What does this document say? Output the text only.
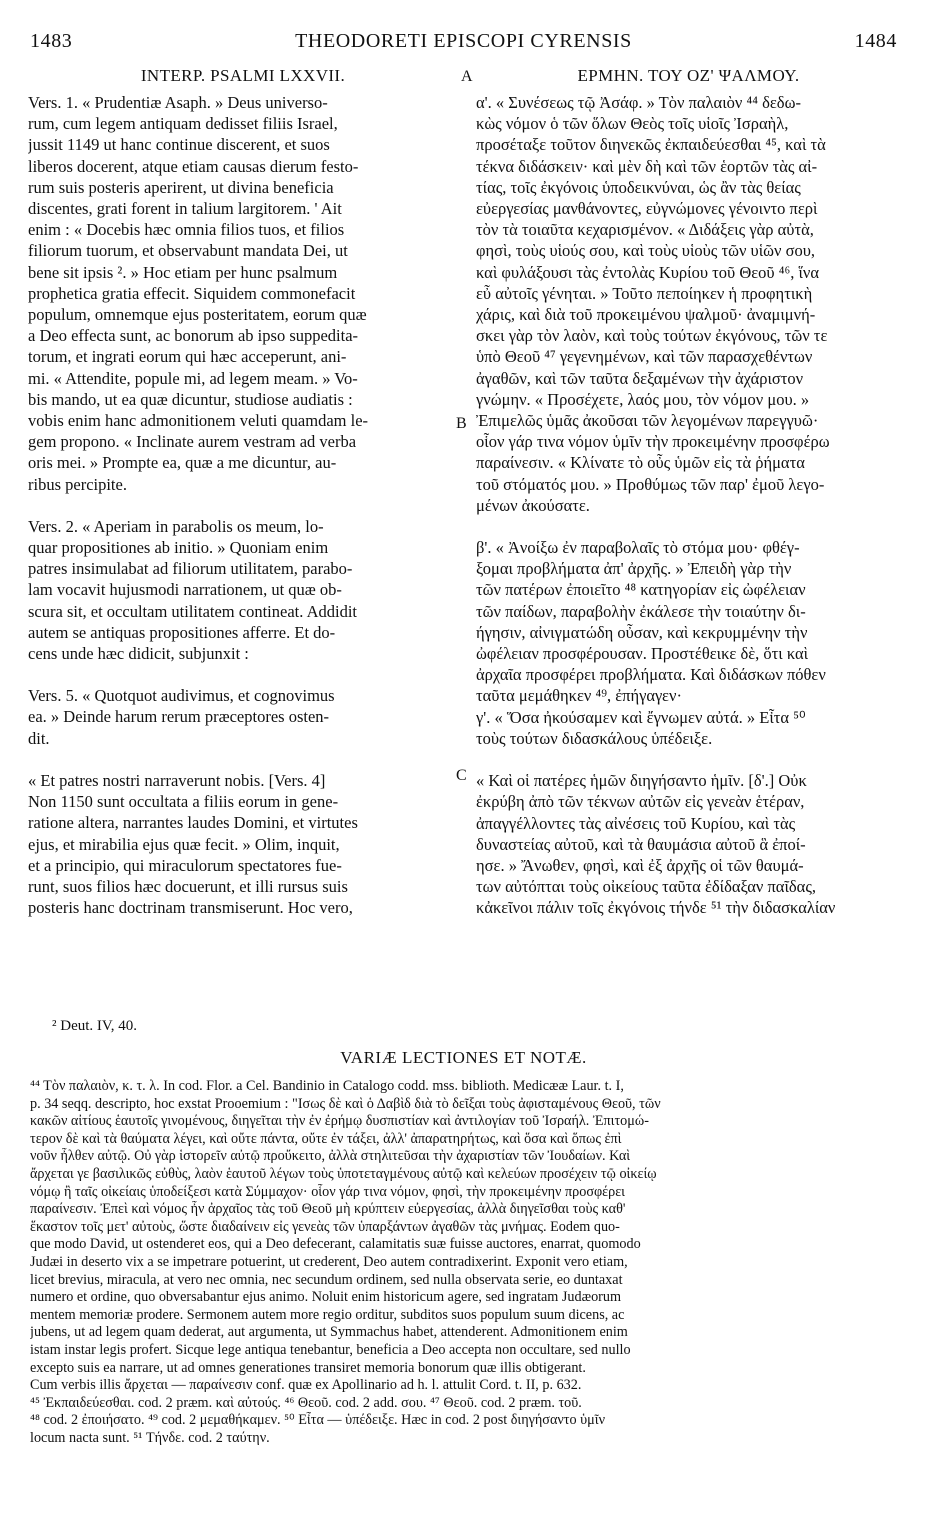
1483	THEODORETI EPISCOPI CYRENSIS	1484
INTERP. PSALMI LXXVII.
Vers. 1. « Prudentiæ Asaph. » Deus universo-
rum, cum legem antiquam dedisset filiis Israel,
jussit 1149 ut hanc continue discerent, et suos
liberos docerent, atque etiam causas dierum festo-
rum suis posteris aperirent, ut divina beneficia
discentes, grati forent in talium largitorem. ' Ait
enim : « Docebis hæc omnia filios tuos, et filios
filiorum tuorum, et observabunt mandata Dei, ut
bene sit ipsis ². » Hoc etiam per hunc psalmum
prophetica gratia effecit. Siquidem commonefacit
populum, omnemque ejus posteritatem, eorum quæ
a Deo effecta sunt, ac bonorum ab ipso suppedita-
torum, et ingrati eorum qui hæc acceperunt, ani-
mi. « Attendite, popule mi, ad legem meam. » Vo-
bis mando, ut ea quæ dicuntur, studiose audiatis :
vobis enim hanc admonitionem veluti quamdam le-
gem propono. « Inclinate aurem vestram ad verba
oris mei. » Prompte ea, quæ a me dicuntur, au-
ribus percipite.
Vers. 2. « Aperiam in parabolis os meum, lo-
quar propositiones ab initio. » Quoniam enim
patres insimulabat ad filiorum utilitatem, parabo-
lam vocavit hujusmodi narrationem, ut quæ ob-
scura sit, et occultam utilitatem contineat. Addidit
autem se antiquas propositiones afferre. Et do-
cens unde hæc didicit, subjunxit :
Vers. 5. « Quotquot audivimus, et cognovimus
ea. » Deinde harum rerum præceptores osten-
dit.
« Et patres nostri narraverunt nobis. [Vers. 4]
Non 1150 sunt occultata a filiis eorum in gene-
ratione altera, narrantes laudes Domini, et virtutes
ejus, et mirabilia ejus quæ fecit. » Olim, inquit,
et a principio, qui miraculorum spectatores fue-
runt, suos filios hæc docuerunt, et illi rursus suis
posteris hanc doctrinam transmiserunt. Hoc vero,
ΕΡΜΗΝ. ΤΟΥ ΟΖ' ΨΑΛΜΟΥ.
α'. « Συνέσεως τῷ Ἀσάφ. » Τὸν παλαιὸν ⁴⁴ δεδω-
κὼς νόμον ὁ τῶν ὅλων Θεὸς τοῖς υἱοῖς Ἰσραὴλ,
προσέταξε τοῦτον διηνεκῶς ἐκπαιδεύεσθαι ⁴⁵, καὶ τὰ
τέκνα διδάσκειν· καὶ μὲν δὴ καὶ τῶν ἑορτῶν τὰς αἰ-
τίας, τοῖς ἐκγόνοις ὑποδεικνύναι, ὡς ἂν τὰς θείας
εὐεργεσίας μανθάνοντες, εὐγνώμονες γένοιντο περὶ
τὸν τὰ τοιαῦτα κεχαρισμένον. « Διδάξεις γὰρ αὐτὰ,
φησὶ, τοὺς υἱούς σου, καὶ τοὺς υἱοὺς τῶν υἱῶν σου,
καὶ φυλάξουσι τὰς ἐντολὰς Κυρίου τοῦ Θεοῦ ⁴⁶, ἵνα
εὖ αὐτοῖς γένηται. » Τοῦτο πεποίηκεν ἡ προφητικὴ
χάρις, καὶ διὰ τοῦ προκειμένου ψαλμοῦ· ἀναμιμνή-
σκει γὰρ τὸν λαὸν, καὶ τοὺς τούτων ἐκγόνους, τῶν τε
ὑπὸ Θεοῦ ⁴⁷ γεγενημένων, καὶ τῶν παρασχεθέντων
ἀγαθῶν, καὶ τῶν ταῦτα δεξαμένων τὴν ἀχάριστον
γνώμην. « Προσέχετε, λαός μου, τὸν νόμον μου. »
Ἐπιμελῶς ὑμᾶς ἀκοῦσαι τῶν λεγομένων παρεγγυῶ·
οἷον γάρ τινα νόμον ὑμῖν τὴν προκειμένην προσφέρω
παραίνεσιν. « Κλίνατε τὸ οὖς ὑμῶν εἰς τὰ ῥήματα
τοῦ στόματός μου. » Προθύμως τῶν παρ' ἐμοῦ λεγο-
μένων ἀκούσατε.
β'. « Ἀνοίξω ἐν παραβολαῖς τὸ στόμα μου· φθέγ-
ξομαι προβλήματα ἀπ' ἀρχῆς. » Ἐπειδὴ γὰρ τὴν
τῶν πατέρων ἐποιεῖτο ⁴⁸ κατηγορίαν εἰς ὠφέλειαν
τῶν παίδων, παραβολὴν ἐκάλεσε τὴν τοιαύτην δι-
ήγησιν, αἰνιγματώδη οὖσαν, καὶ κεκρυμμένην τὴν
ὠφέλειαν προσφέρουσαν. Προστέθεικε δὲ, ὅτι καὶ
ἀρχαῖα προσφέρει προβλήματα. Καὶ διδάσκων πόθεν
ταῦτα μεμάθηκεν ⁴⁹, ἐπήγαγεν·
γ'. « Ὅσα ἠκούσαμεν καὶ ἔγνωμεν αὐτά. » Εἶτα ⁵⁰
τοὺς τούτων διδασκάλους ὑπέδειξε.
« Καὶ οἱ πατέρες ἡμῶν διηγήσαντο ἡμῖν. [δ'.] Οὐκ
ἐκρύβη ἀπὸ τῶν τέκνων αὐτῶν εἰς γενεὰν ἑτέραν,
ἀπαγγέλλοντες τὰς αἰνέσεις τοῦ Κυρίου, καὶ τὰς
δυναστείας αὐτοῦ, καὶ τὰ θαυμάσια αὐτοῦ ἃ ἐποί-
ησε. » Ἄνωθεν, φησὶ, καὶ ἐξ ἀρχῆς οἱ τῶν θαυμά-
των αὐτόπται τοὺς οἰκείους ταῦτα ἐδίδαξαν παῖδας,
κἀκεῖνοι πάλιν τοῖς ἐκγόνοις τήνδε ⁵¹ τὴν διδασκαλίαν
A
B
C
² Deut. IV, 40.
VARIÆ LECTIONES ET NOTÆ.
⁴⁴ Τὸν παλαιὸν, κ. τ. λ. In cod. Flor. a Cel. Bandinio in Catalogo codd. mss. biblioth. Medicææ Laur. t. I,
p. 34 seqq. descripto, hoc exstat Prooemium : "Ισως δὲ καὶ ὁ Δαβὶδ διὰ τὸ δεῖξαι τοὺς ἀφισταμένους Θεοῦ, τῶν
κακῶν αἰτίους ἑαυτοῖς γινομένους, διηγεῖται τὴν ἐν ἐρήμῳ δυσπιστίαν καὶ ἀντιλογίαν τοῦ Ἰσραήλ. Ἐπιτομώ-
τερον δὲ καὶ τὰ θαύματα λέγει, καὶ οὔτε πάντα, οὔτε ἐν τάξει, ἀλλ' ἀπαρατηρήτως, καὶ ὅσα καὶ ὅπως ἐπὶ
νοῦν ἦλθεν αὐτῷ. Οὐ γὰρ ἱστορεῖν αὐτῷ προὔκειτο, ἀλλὰ στηλιτεῦσαι τὴν ἀχαριστίαν τῶν Ἰουδαίων. Καὶ
ἄρχεται γε βασιλικῶς εὐθὺς, λαὸν ἑαυτοῦ λέγων τοὺς ὑποτεταγμένους αὐτῷ καὶ κελεύων προσέχειν τῷ οἰκείῳ
νόμῳ ἢ ταῖς οἰκείαις ὑποδείξεσι κατὰ Σύμμαχον· οἷον γάρ τινα νόμον, φησὶ, τὴν προκειμένην προσφέρει
παραίνεσιν. Ἐπεὶ καὶ νόμος ἦν ἀρχαῖος τὰς τοῦ Θεοῦ μὴ κρύπτειν εὐεργεσίας, ἀλλὰ διηγεῖσθαι τοὺς καθ'
ἕκαστον τοῖς μετ' αὐτοὺς, ὥστε διαδαίνειν εἰς γενεὰς τῶν ὑπαρξάντων ἀγαθῶν τὰς μνήμας. Eodem quo-
que modo David, ut ostenderet eos, qui a Deo defecerant, calamitatis suæ fuisse auctores, enarrat, quomodo
Judæi in deserto vix a se impetrare potuerint, ut crederent, Deo autem contradixerint. Exponit vero etiam,
licet brevius, miracula, at vero nec omnia, nec secundum ordinem, sed nulla observata serie, eo duntaxat
numero et ordine, quo obversabantur ejus animo. Noluit enim historicum agere, sed ingratam Judæorum
mentem memoriæ prodere. Sermonem autem more regio orditur, subditos suos populum suum dicens, ac
jubens, ut ad legem quam dederat, aut argumenta, ut Symmachus habet, attenderent. Admonitionem enim
istam instar legis profert. Sicque lege antiqua tenebantur, beneficia a Deo accepta non occultare, sed nullo
excepto suis ea narrare, ut ad omnes generationes transiret memoria bonorum quæ illis obtigerant.
Cum verbis illis ἄρχεται — παραίνεσιν conf. quæ ex Apollinario ad h. l. attulit Cord. t. II, p. 632.
⁴⁵ Ἐκπαιδεύεσθαι. cod. 2 præm. καὶ αὐτούς. ⁴⁶ Θεοῦ. cod. 2 add. σου. ⁴⁷ Θεοῦ. cod. 2 præm. τοῦ.
⁴⁸ cod. 2 ἐποιήσατο. ⁴⁹ cod. 2 μεμαθήκαμεν. ⁵⁰ Εἶτα — ὑπέδειξε. Hæc in cod. 2 post διηγήσαντο ὑμῖν
locum nacta sunt. ⁵¹ Τήνδε. cod. 2 ταύτην.
